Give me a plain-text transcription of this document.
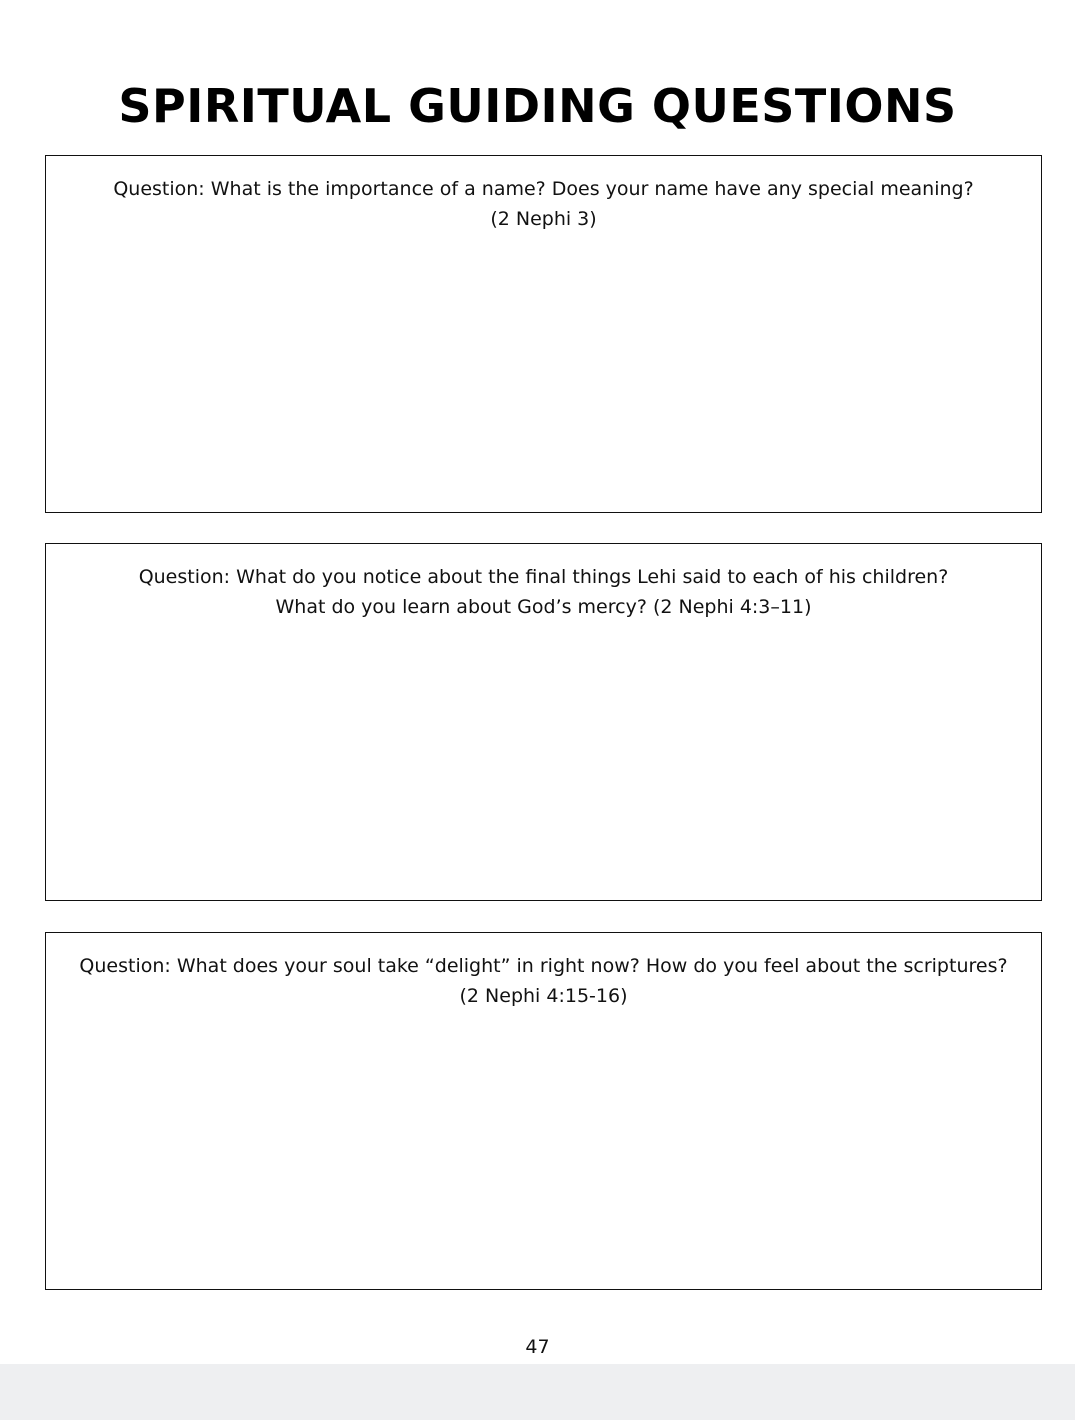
SPIRITUAL GUIDING QUESTIONS
Question: What is the importance of a name? Does your name have any special meaning?
(2 Nephi 3)
Question: What do you notice about the final things Lehi said to each of his children?
What do you learn about God’s mercy? (2 Nephi 4:3–11)
Question: What does your soul take “delight” in right now? How do you feel about the scriptures?
(2 Nephi 4:15-16)
47
